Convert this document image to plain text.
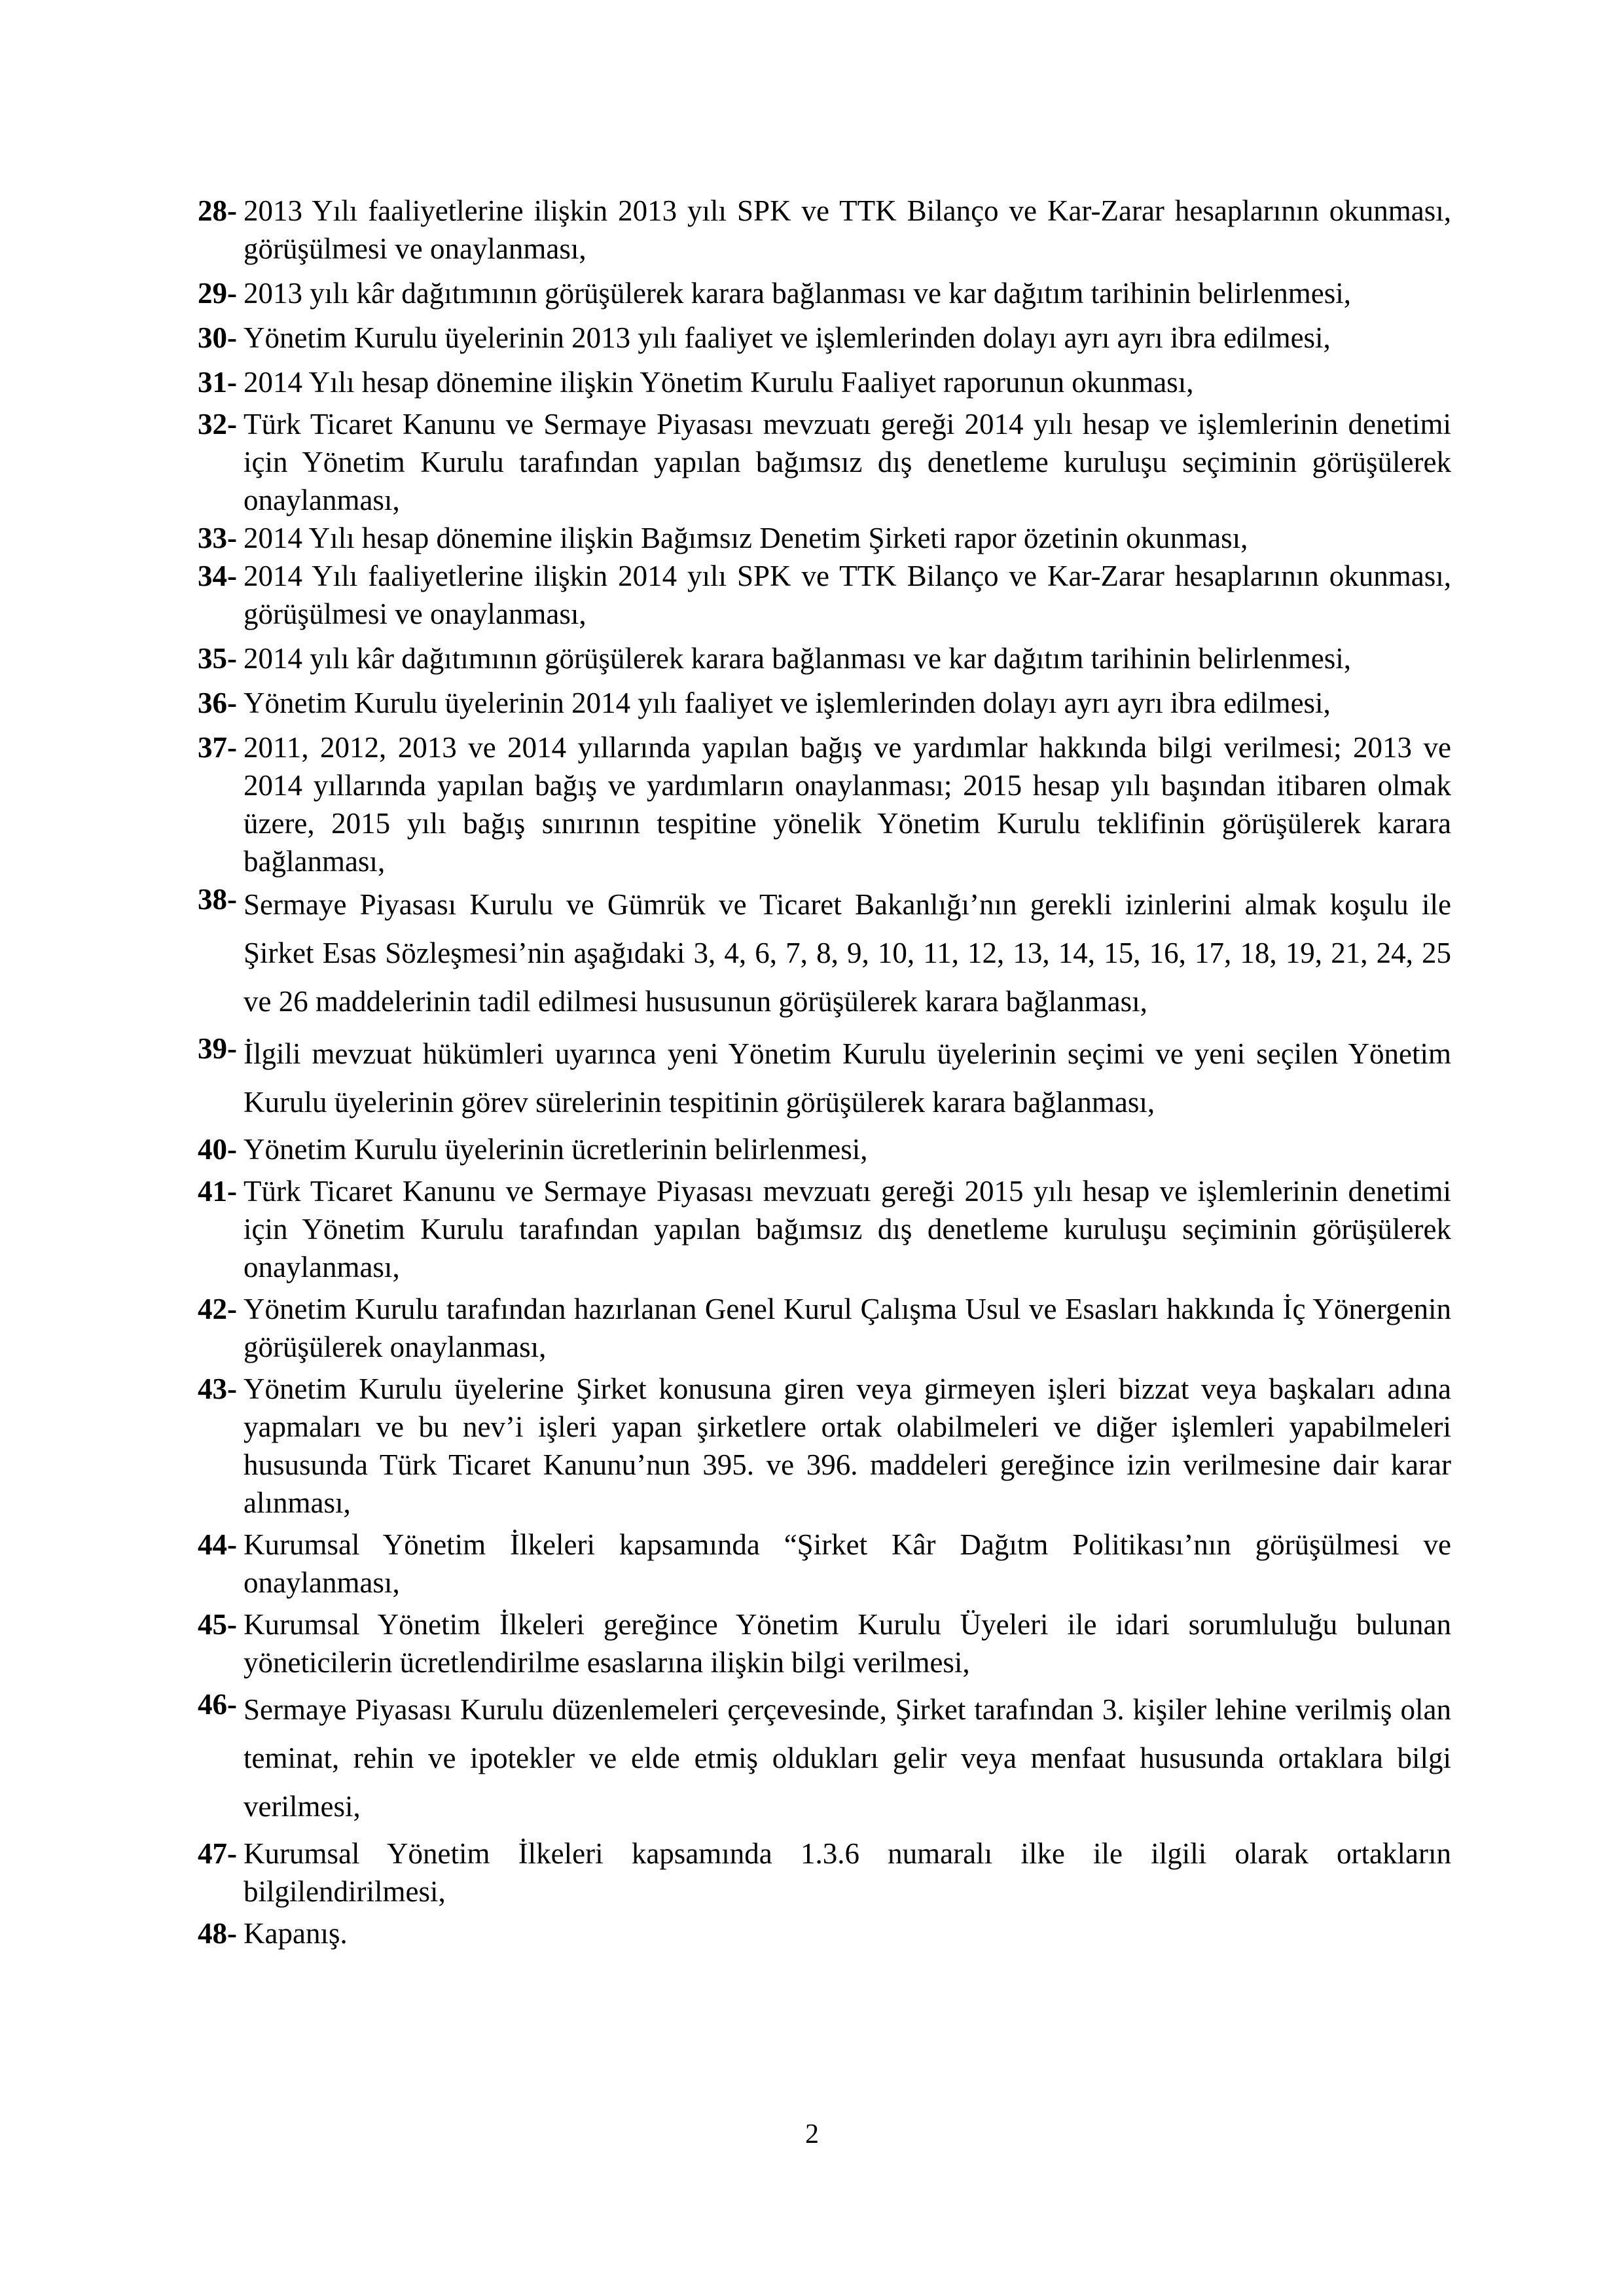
28- 2013 Yılı faaliyetlerine ilişkin 2013 yılı SPK ve TTK Bilanço ve Kar-Zarar hesaplarının okunması, görüşülmesi ve onaylanması,
29- 2013 yılı kâr dağıtımının görüşülerek karara bağlanması ve kar dağıtım tarihinin belirlenmesi,
30- Yönetim Kurulu üyelerinin 2013 yılı faaliyet ve işlemlerinden dolayı ayrı ayrı ibra edilmesi,
31- 2014 Yılı hesap dönemine ilişkin Yönetim Kurulu Faaliyet raporunun okunması,
32- Türk Ticaret Kanunu ve Sermaye Piyasası mevzuatı gereği 2014 yılı hesap ve işlemlerinin denetimi için Yönetim Kurulu tarafından yapılan bağımsız dış denetleme kuruluşu seçiminin görüşülerek onaylanması,
33- 2014 Yılı hesap dönemine ilişkin Bağımsız Denetim Şirketi rapor özetinin okunması,
34- 2014 Yılı faaliyetlerine ilişkin 2014 yılı SPK ve TTK Bilanço ve Kar-Zarar hesaplarının okunması, görüşülmesi ve onaylanması,
35- 2014 yılı kâr dağıtımının görüşülerek karara bağlanması ve kar dağıtım tarihinin belirlenmesi,
36- Yönetim Kurulu üyelerinin 2014 yılı faaliyet ve işlemlerinden dolayı ayrı ayrı ibra edilmesi,
37- 2011, 2012, 2013 ve 2014 yıllarında yapılan bağış ve yardımlar hakkında bilgi verilmesi; 2013 ve 2014 yıllarında yapılan bağış ve yardımların onaylanması; 2015 hesap yılı başından itibaren olmak üzere, 2015 yılı bağış sınırının tespitine yönelik Yönetim Kurulu teklifinin görüşülerek karara bağlanması,
38- Sermaye Piyasası Kurulu ve Gümrük ve Ticaret Bakanlığı’nın gerekli izinlerini almak koşulu ile Şirket Esas Sözleşmesi’nin aşağıdaki 3, 4, 6, 7, 8, 9, 10, 11, 12, 13, 14, 15, 16, 17, 18, 19, 21, 24, 25 ve 26 maddelerinin tadil edilmesi hususunun görüşülerek karara bağlanması,
39- İlgili mevzuat hükümleri uyarınca yeni Yönetim Kurulu üyelerinin seçimi ve yeni seçilen Yönetim Kurulu üyelerinin görev sürelerinin tespitinin görüşülerek karara bağlanması,
40- Yönetim Kurulu üyelerinin ücretlerinin belirlenmesi,
41- Türk Ticaret Kanunu ve Sermaye Piyasası mevzuatı gereği 2015 yılı hesap ve işlemlerinin denetimi için Yönetim Kurulu tarafından yapılan bağımsız dış denetleme kuruluşu seçiminin görüşülerek onaylanması,
42- Yönetim Kurulu tarafından hazırlanan Genel Kurul Çalışma Usul ve Esasları hakkında İç Yönergenin görüşülerek onaylanması,
43- Yönetim Kurulu üyelerine Şirket konusuna giren veya girmeyen işleri bizzat veya başkaları adına yapmaları ve bu nev’i işleri yapan şirketlere ortak olabilmeleri ve diğer işlemleri yapabilmeleri hususunda Türk Ticaret Kanunu’nun 395. ve 396. maddeleri gereğince izin verilmesine dair karar alınması,
44- Kurumsal Yönetim İlkeleri kapsamında “Şirket Kâr Dağıtm Politikası’nın görüşülmesi ve onaylanması,
45- Kurumsal Yönetim İlkeleri gereğince Yönetim Kurulu Üyeleri ile idari sorumluluğu bulunan yöneticilerin ücretlendirilme esaslarına ilişkin bilgi verilmesi,
46- Sermaye Piyasası Kurulu düzenlemeleri çerçevesinde, Şirket tarafından 3. kişiler lehine verilmiş olan teminat, rehin ve ipotekler ve elde etmiş oldukları gelir veya menfaat hususunda ortaklara bilgi verilmesi,
47- Kurumsal Yönetim İlkeleri kapsamında 1.3.6 numaralı ilke ile ilgili olarak ortakların bilgilendirilmesi,
48- Kapanış.
2
